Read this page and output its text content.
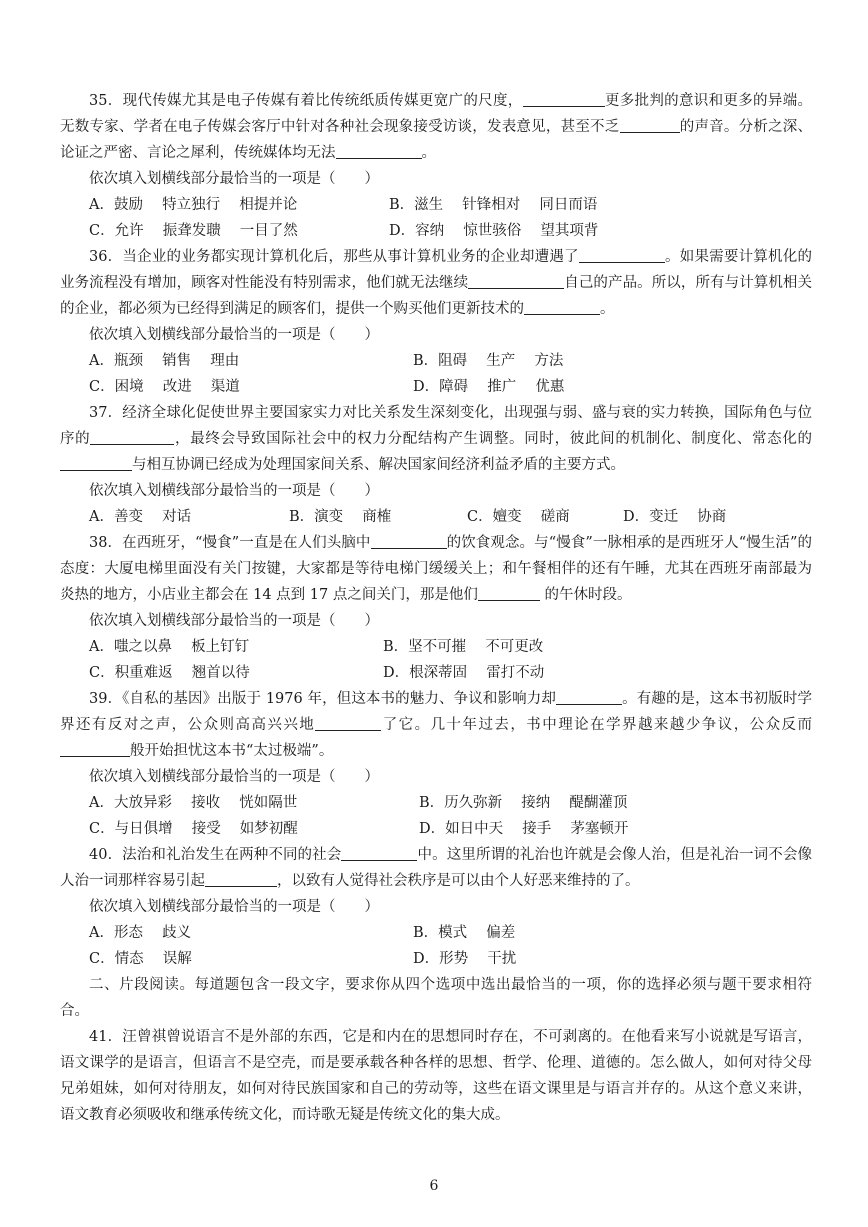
35．现代传媒尤其是电子传媒有着比传统纸质传媒更宽广的尺度，	更多批判的意识和更多的异端。无数专家、学者在电子传媒会客厅中针对各种社会现象接受访谈，发表意见，甚至不乏	的声音。分析之深、论证之严密、言论之犀利，传统媒体均无法	。

依次填入划横线部分最恰当的一项是（　　）

A．鼓励　 特立独行　 相提并论	B．滋生　 针锋相对　 同日而语
C．允许　 振聋发聩　 一目了然	D．容纳　 惊世骇俗　 望其项背

36．当企业的业务都实现计算机化后，那些从事计算机业务的企业却遭遇了	。如果需要计算机化的业务流程没有增加，顾客对性能没有特别需求，他们就无法继续	自己的产品。所以，所有与计算机相关的企业，都必须为已经得到满足的顾客们，提供一个购买他们更新技术的	。

依次填入划横线部分最恰当的一项是（　　）

A．瓶颈　 销售　 理由	B．阻碍　 生产　 方法
C．困境　 改进　 渠道	D．障碍　 推广　 优惠

37．经济全球化促使世界主要国家实力对比关系发生深刻变化，出现强与弱、盛与衰的实力转换，国际角色与位序的	，最终会导致国际社会中的权力分配结构产生调整。同时，彼此间的机制化、制度化、常态化的与相互协调已经成为处理国家间关系、解决国家间经济利益矛盾的主要方式。

依次填入划横线部分最恰当的一项是（　　）

A．善变　 对话	B．演变　 商榷	C．嬗变　 磋商	D．变迁　 协商

38．在西班牙，“慢食”一直是在人们头脑中	的饮食观念。与“慢食”一脉相承的是西班牙人“慢生活”的态度：大厦电梯里面没有关门按键，大家都是等待电梯门缓缓关上；和午餐相伴的还有午睡，尤其在西班牙南部最为炎热的地方，小店业主都会在 14 点到 17 点之间关门，那是他们	的午休时段。

依次填入划横线部分最恰当的一项是（　　）

A．嗤之以鼻　 板上钉钉	B．坚不可摧　 不可更改
C．积重难返　 翘首以待	D．根深蒂固　 雷打不动

39．《自私的基因》出版于 1976 年，但这本书的魅力、争议和影响力却	。有趣的是，这本书初版时学界还有反对之声，公众则高高兴兴地	了它。几十年过去，书中理论在学界越来越少争议，公众反而般开始担忧这本书“太过极端”。

依次填入划横线部分最恰当的一项是（　　）

A．大放异彩　 接收　 恍如隔世	B．历久弥新　 接纳　 醍醐灌顶
C．与日俱增　 接受　 如梦初醒	D．如日中天　 接手　 茅塞顿开

40．法治和礼治发生在两种不同的社会	中。这里所谓的礼治也许就是会像人治，但是礼治一词不会像人治一词那样容易引起	，以致有人觉得社会秩序是可以由个人好恶来维持的了。

依次填入划横线部分最恰当的一项是（　　）

A．形态　 歧义	B．模式　 偏差
C．情态　 误解	D．形势　 干扰

二、片段阅读。每道题包含一段文字，要求你从四个选项中选出最恰当的一项，你的选择必须与题干要求相符合。

41．汪曾祺曾说语言不是外部的东西，它是和内在的思想同时存在，不可剥离的。在他看来写小说就是写语言，语文课学的是语言，但语言不是空壳，而是要承载各种各样的思想、哲学、伦理、道德的。怎么做人，如何对待父母兄弟姐妹，如何对待朋友，如何对待民族国家和自己的劳动等，这些在语文课里是与语言并存的。从这个意义来讲，语文教育必须吸收和继承传统文化，而诗歌无疑是传统文化的集大成。

6
